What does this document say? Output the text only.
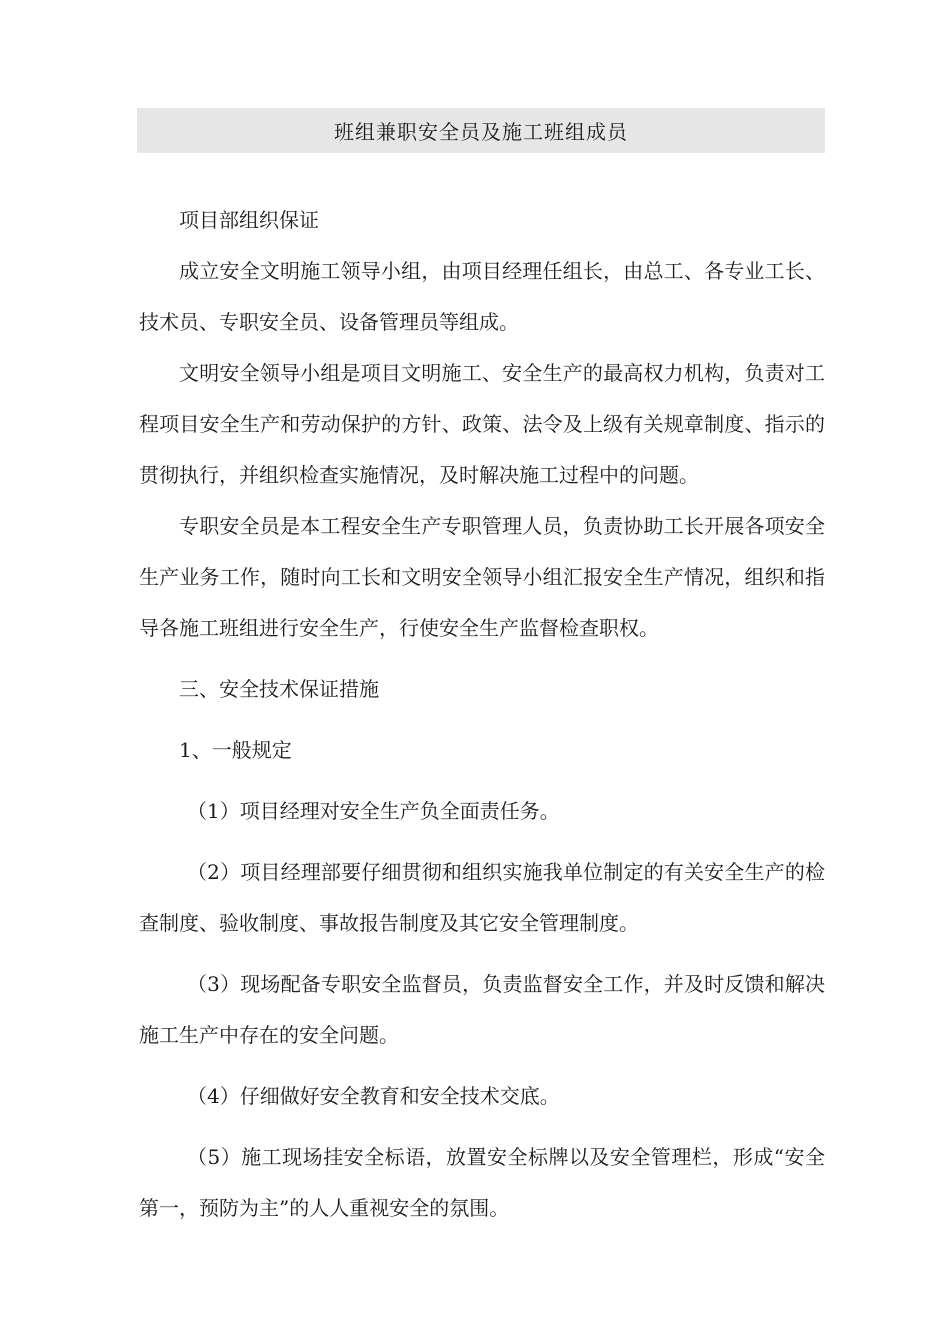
班组兼职安全员及施工班组成员

项目部组织保证

成立安全文明施工领导小组，由项目经理任组长，由总工、各专业工长、技术员、专职安全员、设备管理员等组成。

文明安全领导小组是项目文明施工、安全生产的最高权力机构，负责对工程项目安全生产和劳动保护的方针、政策、法令及上级有关规章制度、指示的贯彻执行，并组织检查实施情况，及时解决施工过程中的问题。

专职安全员是本工程安全生产专职管理人员，负责协助工长开展各项安全生产业务工作，随时向工长和文明安全领导小组汇报安全生产情况，组织和指导各施工班组进行安全生产，行使安全生产监督检查职权。

三、安全技术保证措施

1、一般规定

（1）项目经理对安全生产负全面责任务。

（2）项目经理部要仔细贯彻和组织实施我单位制定的有关安全生产的检查制度、验收制度、事故报告制度及其它安全管理制度。

（3）现场配备专职安全监督员，负责监督安全工作，并及时反馈和解决施工生产中存在的安全问题。

（4）仔细做好安全教育和安全技术交底。

（5）施工现场挂安全标语，放置安全标牌以及安全管理栏，形成“安全第一，预防为主”的人人重视安全的氛围。
